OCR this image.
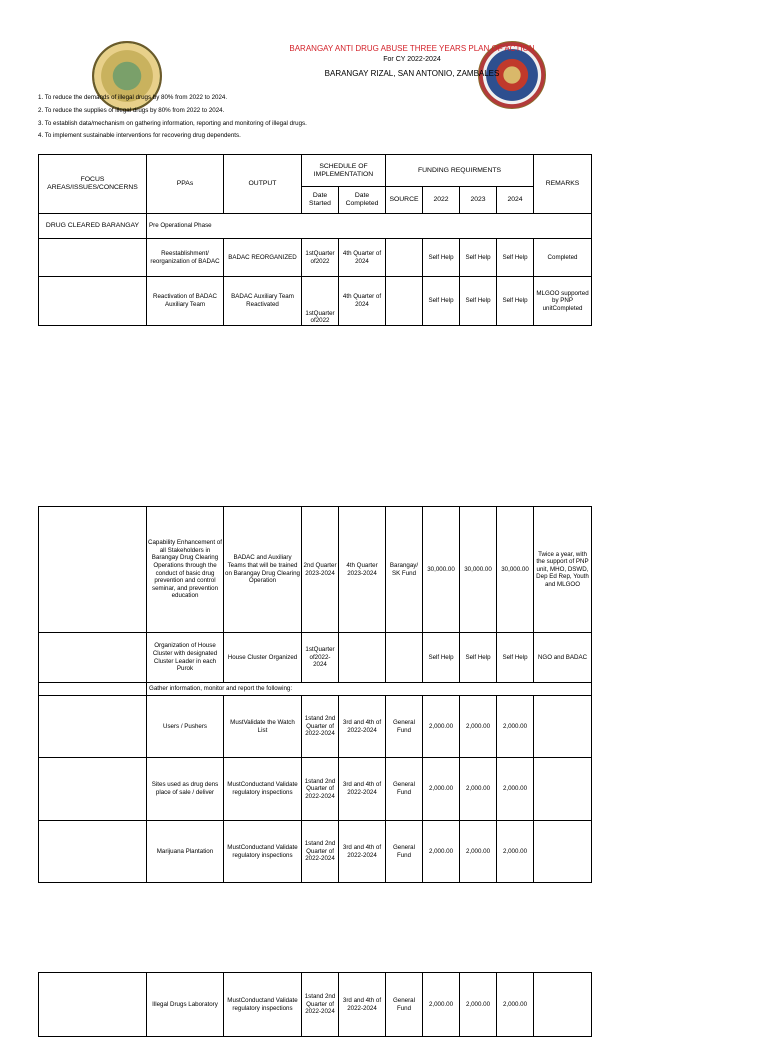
BARANGAY ANTI DRUG ABUSE THREE YEARS PLAN OF ACTION
For CY 2022-2024
BARANGAY RIZAL, SAN ANTONIO, ZAMBALES
1. To reduce the demands of illegal drugs by 80% from 2022 to 2024.
2. To reduce the supplies of illegal drugs by 80% from 2022 to 2024.
3. To establish data/mechanism on gathering information, reporting and monitoring of illegal drugs.
4. To implement sustainable interventions for recovering drug dependents.
FOCUS AREAS/ISSUES/CONCERNS	PPAs	OUTPUT	SCHEDULE OF IMPLEMENTATION		FUNDING REQUIRMENTS				REMARKS
			Date Started	Date Completed	SOURCE	2022	2023	2024	
DRUG CLEARED BARANGAY	Pre Operational Phase								
	Reestablishment/ reorganization of BADAC	BADAC REORGANIZED	1stQuarter of2022	4th Quarter of 2024		Self Help	Self Help	Self Help	Completed
	Reactivation of BADAC Auxiliary Team	BADAC Auxiliary Team Reactivated	1stQuarter of2022	4th Quarter of 2024		Self Help	Self Help	Self Help	MLGOO supported by PNP unitCompleted
	Capability Enhancement of all Stakeholders in Barangay Drug Clearing Operations through the conduct of basic drug prevention and control seminar, and prevention education	BADAC and Auxiliary Teams that will be trained on Barangay Drug Clearing Operation	2nd Quarter 2023-2024	4th Quarter 2023-2024	Barangay/ SK Fund	30,000.00	30,000.00	30,000.00	Twice a year, with the support of PNP unit, MHO, DSWD, Dep Ed Rep, Youth and MLGOO
	Organization of House Cluster with designated Cluster Leader in each Purok	House Cluster Organized	1stQuarter of2022-2024			Self Help	Self Help	Self Help	NGO and BADAC
	Gather information, monitor and report the following:								
	Users / Pushers	MustValidate the Watch List	1stand 2nd Quarter of 2022-2024	3rd and 4th of 2022-2024	General Fund	2,000.00	2,000.00	2,000.00	
	Sites used as drug dens place of sale / deliver	MustConductand Validate regulatory inspections	1stand 2nd Quarter of 2022-2024	3rd and 4th of 2022-2024	General Fund	2,000.00	2,000.00	2,000.00	
	Marijuana Plantation	MustConductand Validate regulatory inspections	1stand 2nd Quarter of 2022-2024	3rd and 4th of 2022-2024	General Fund	2,000.00	2,000.00	2,000.00	
	Illegal Drugs Laboratory	MustConductand Validate regulatory inspections	1stand 2nd Quarter of 2022-2024	3rd and 4th of 2022-2024	General Fund	2,000.00	2,000.00	2,000.00	
